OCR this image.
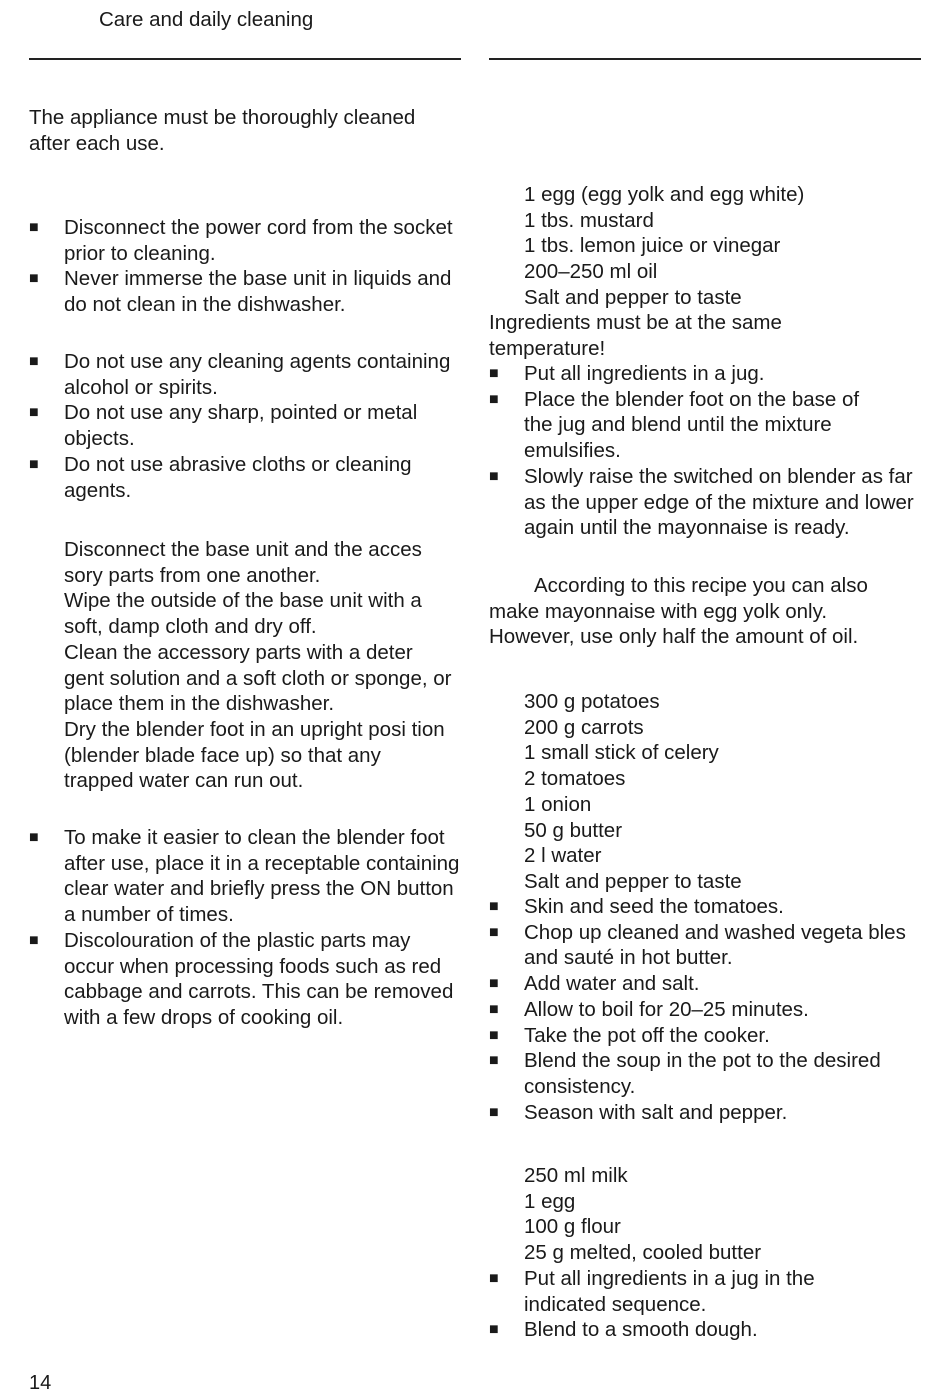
Care and daily cleaning
The appliance must be thoroughly cleaned after each use.
■ Disconnect the power cord from the socket prior to cleaning.
■ Never immerse the base unit in liquids and do not clean in the dishwasher.
■ Do not use any cleaning agents containing alcohol or spirits.
■ Do not use any sharp, pointed or metal objects.
■ Do not use abrasive cloths or cleaning agents.
Disconnect the base unit and the acces sory parts from one another.
Wipe the outside of the base unit with a soft, damp cloth and dry off.
Clean the accessory parts with a deter gent solution and a soft cloth or sponge, or place them in the dishwasher.
Dry the blender foot in an upright posi tion (blender blade face up) so that any trapped water can run out.
■ To make it easier to clean the blender foot after use, place it in a receptable containing clear water and briefly press the ON button a number of times.
■ Discolouration of the plastic parts may occur when processing foods such as red cabbage and carrots. This can be removed with a few drops of cooking oil.
1 egg (egg yolk and egg white)
1 tbs. mustard
1 tbs. lemon juice or vinegar
200–250 ml oil
Salt and pepper to taste
Ingredients must be at the same temperature!
■ Put all ingredients in a jug.
■ Place the blender foot on the base of the jug and blend until the mixture emulsifies.
■ Slowly raise the switched on blender as far as the upper edge of the mixture and lower again until the mayonnaise is ready.
According to this recipe you can also make mayonnaise with egg yolk only. However, use only half the amount of oil.
300 g potatoes
200 g carrots
1 small stick of celery
2 tomatoes
1 onion
50 g butter
2 l water
Salt and pepper to taste
■ Skin and seed the tomatoes.
■ Chop up cleaned and washed vegeta bles and sauté in hot butter.
■ Add water and salt.
■ Allow to boil for 20–25 minutes.
■ Take the pot off the cooker.
■ Blend the soup in the pot to the desired consistency.
■ Season with salt and pepper.
250 ml milk
1 egg
100 g flour
25 g melted, cooled butter
■ Put all ingredients in a jug in the indicated sequence.
■ Blend to a smooth dough.
14
